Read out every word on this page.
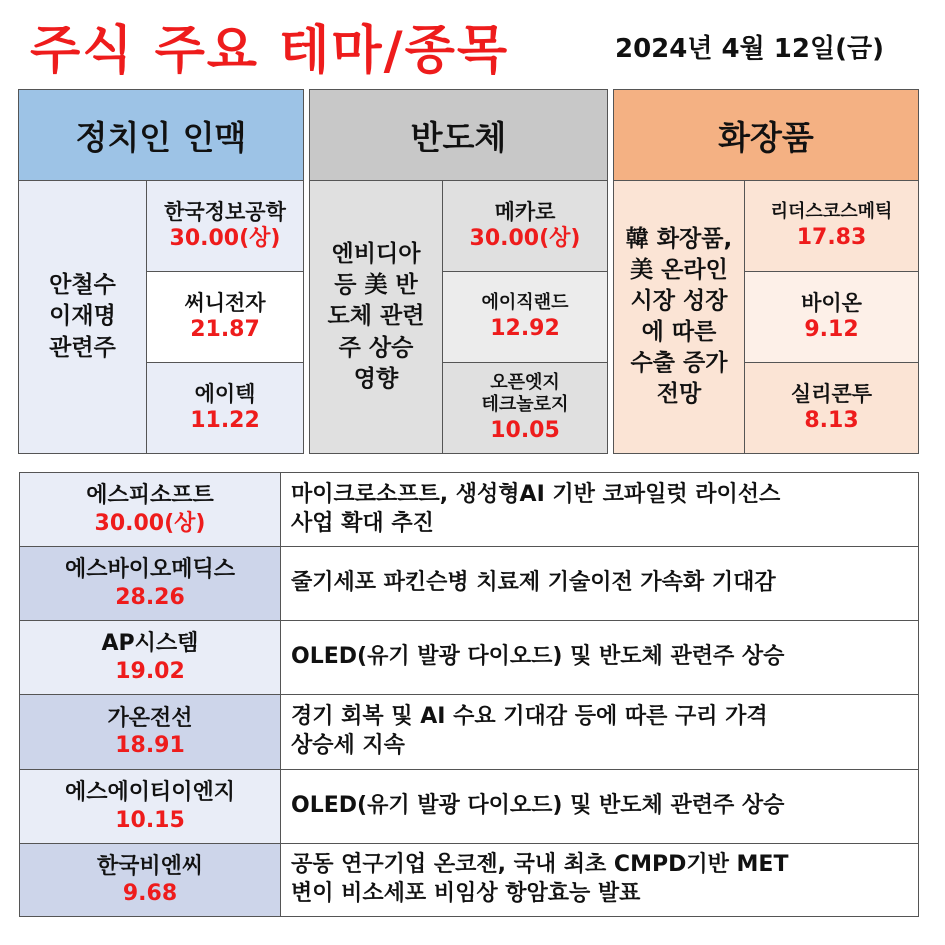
주식 주요 테마/종목	2024년 4월 12일(금)
정치인 인맥
안철수
이재명
관련주
한국정보공학
30.00(상)
써니전자
21.87
에이텍
11.22
반도체
엔비디아
등 美 반
도체 관련
주 상승
영향
메카로
30.00(상)
에이직랜드
12.92
오픈엣지
테크놀로지
10.05
화장품
韓 화장품,
美 온라인
시장 성장
에 따른
수출 증가
전망
리더스코스메틱
17.83
바이온
9.12
실리콘투
8.13
에스피소프트
30.00(상)
마이크로소프트, 생성형AI 기반 코파일럿 라이선스
사업 확대 추진
에스바이오메딕스
28.26
줄기세포 파킨슨병 치료제 기술이전 가속화 기대감
AP시스템
19.02
OLED(유기 발광 다이오드) 및 반도체 관련주 상승
가온전선
18.91
경기 회복 및 AI 수요 기대감 등에 따른 구리 가격
상승세 지속
에스에이티이엔지
10.15
OLED(유기 발광 다이오드) 및 반도체 관련주 상승
한국비엔씨
9.68
공동 연구기업 온코젠, 국내 최초 CMPD기반 MET
변이 비소세포 비임상 항암효능 발표
